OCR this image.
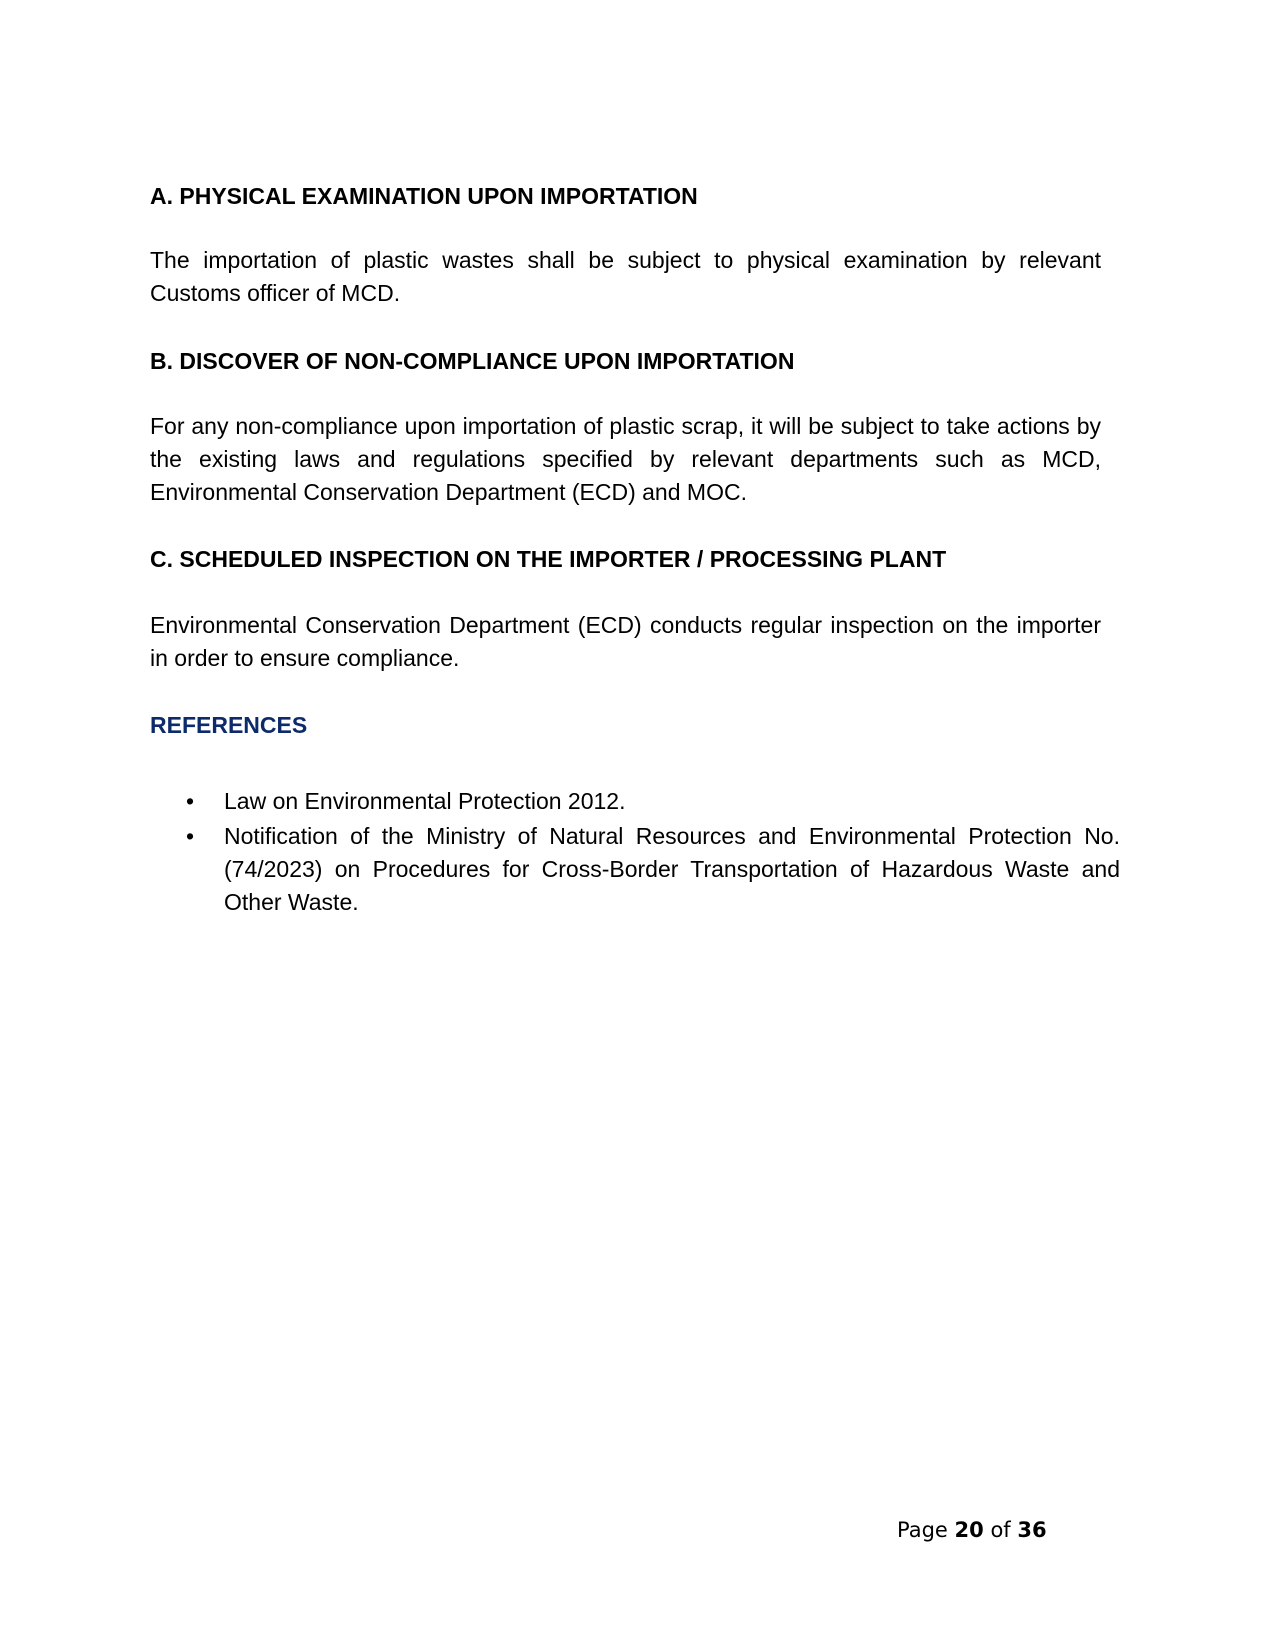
A. PHYSICAL EXAMINATION UPON IMPORTATION

The importation of plastic wastes shall be subject to physical examination by relevant Customs officer of MCD.

B. DISCOVER OF NON-COMPLIANCE UPON IMPORTATION

For any non-compliance upon importation of plastic scrap, it will be subject to take actions by the existing laws and regulations specified by relevant departments such as MCD, Environmental Conservation Department (ECD) and MOC.

C. SCHEDULED INSPECTION ON THE IMPORTER / PROCESSING PLANT

Environmental Conservation Department (ECD) conducts regular inspection on the importer in order to ensure compliance.

REFERENCES
• Law on Environmental Protection 2012.
• Notification of the Ministry of Natural Resources and Environmental Protection No. (74/2023) on Procedures for Cross-Border Transportation of Hazardous Waste and Other Waste.
Page 20 of 36
